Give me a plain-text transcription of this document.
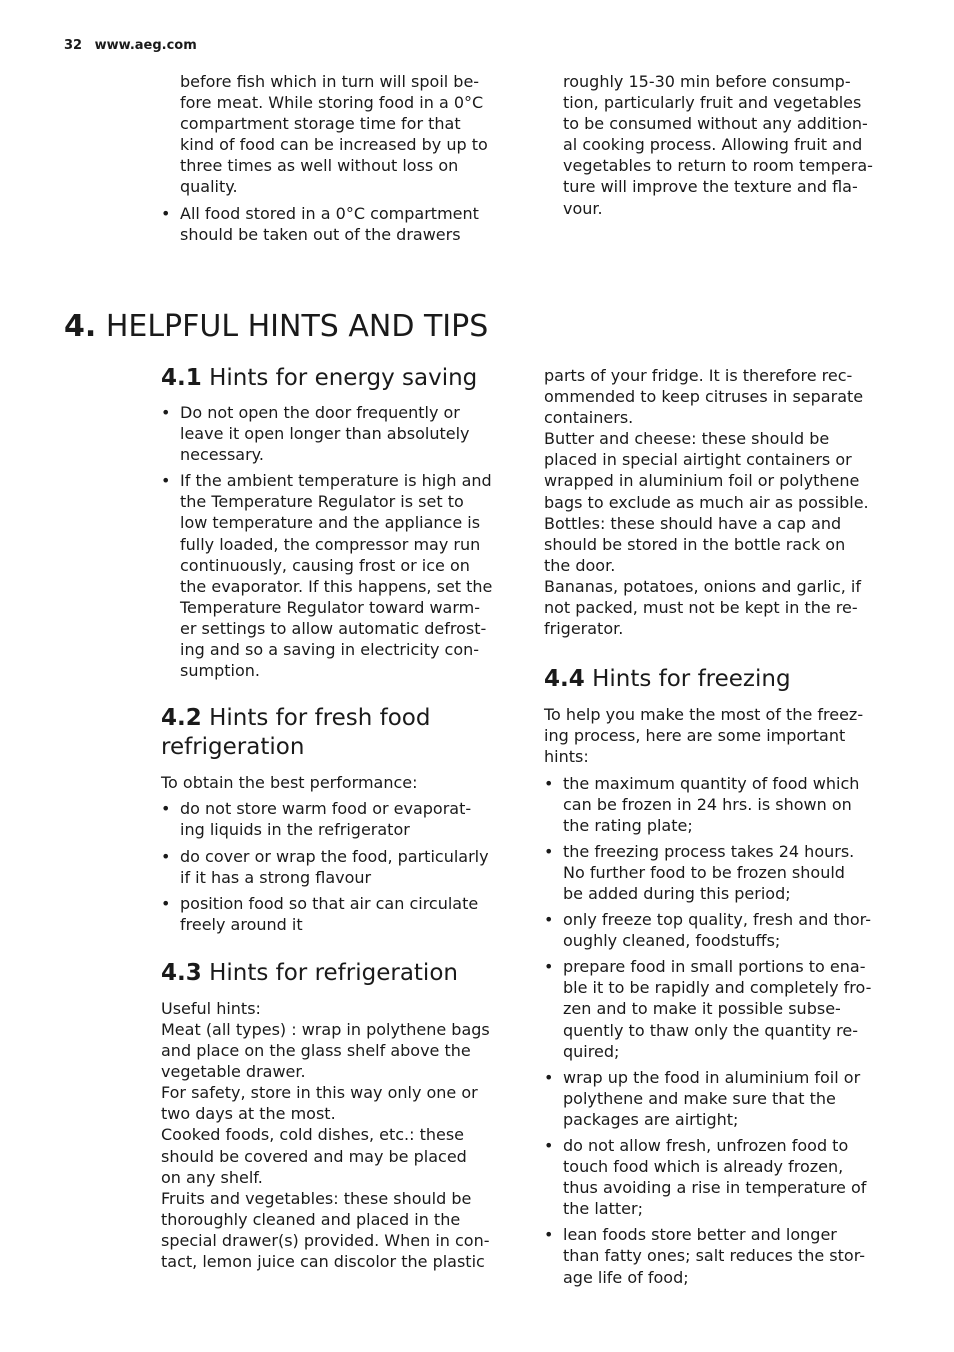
32 www.aeg.com

before fish which in turn will spoil be-
fore meat. While storing food in a 0°C
compartment storage time for that
kind of food can be increased by up to
three times as well without loss on
quality.

• All food stored in a 0°C compartment
should be taken out of the drawers

roughly 15-30 min before consump-
tion, particularly fruit and vegetables
to be consumed without any addition-
al cooking process. Allowing fruit and
vegetables to return to room tempera-
ture will improve the texture and fla-
vour.

4. HELPFUL HINTS AND TIPS
4.1 Hints for energy saving
• Do not open the door frequently or
leave it open longer than absolutely
necessary.
• If the ambient temperature is high and
the Temperature Regulator is set to
low temperature and the appliance is
fully loaded, the compressor may run
continuously, causing frost or ice on
the evaporator. If this happens, set the
Temperature Regulator toward warm-
er settings to allow automatic defrost-
ing and so a saving in electricity con-
sumption.
4.2 Hints for fresh food
refrigeration

To obtain the best performance:

• do not store warm food or evaporat-
ing liquids in the refrigerator
• do cover or wrap the food, particularly
if it has a strong flavour
• position food so that air can circulate
freely around it
4.3 Hints for refrigeration

Useful hints:
Meat (all types) : wrap in polythene bags
and place on the glass shelf above the
vegetable drawer.
For safety, store in this way only one or
two days at the most.
Cooked foods, cold dishes, etc.: these
should be covered and may be placed
on any shelf.
Fruits and vegetables: these should be
thoroughly cleaned and placed in the
special drawer(s) provided. When in con-
tact, lemon juice can discolor the plastic

parts of your fridge. It is therefore rec-
ommended to keep citruses in separate
containers.
Butter and cheese: these should be
placed in special airtight containers or
wrapped in aluminium foil or polythene
bags to exclude as much air as possible.
Bottles: these should have a cap and
should be stored in the bottle rack on
the door.
Bananas, potatoes, onions and garlic, if
not packed, must not be kept in the re-
frigerator.

4.4 Hints for freezing

To help you make the most of the freez-
ing process, here are some important
hints:

• the maximum quantity of food which
can be frozen in 24 hrs. is shown on
the rating plate;
• the freezing process takes 24 hours.
No further food to be frozen should
be added during this period;
• only freeze top quality, fresh and thor-
oughly cleaned, foodstuffs;
• prepare food in small portions to ena-
ble it to be rapidly and completely fro-
zen and to make it possible subse-
quently to thaw only the quantity re-
quired;
• wrap up the food in aluminium foil or
polythene and make sure that the
packages are airtight;
• do not allow fresh, unfrozen food to
touch food which is already frozen,
thus avoiding a rise in temperature of
the latter;
• lean foods store better and longer
than fatty ones; salt reduces the stor-
age life of food;
